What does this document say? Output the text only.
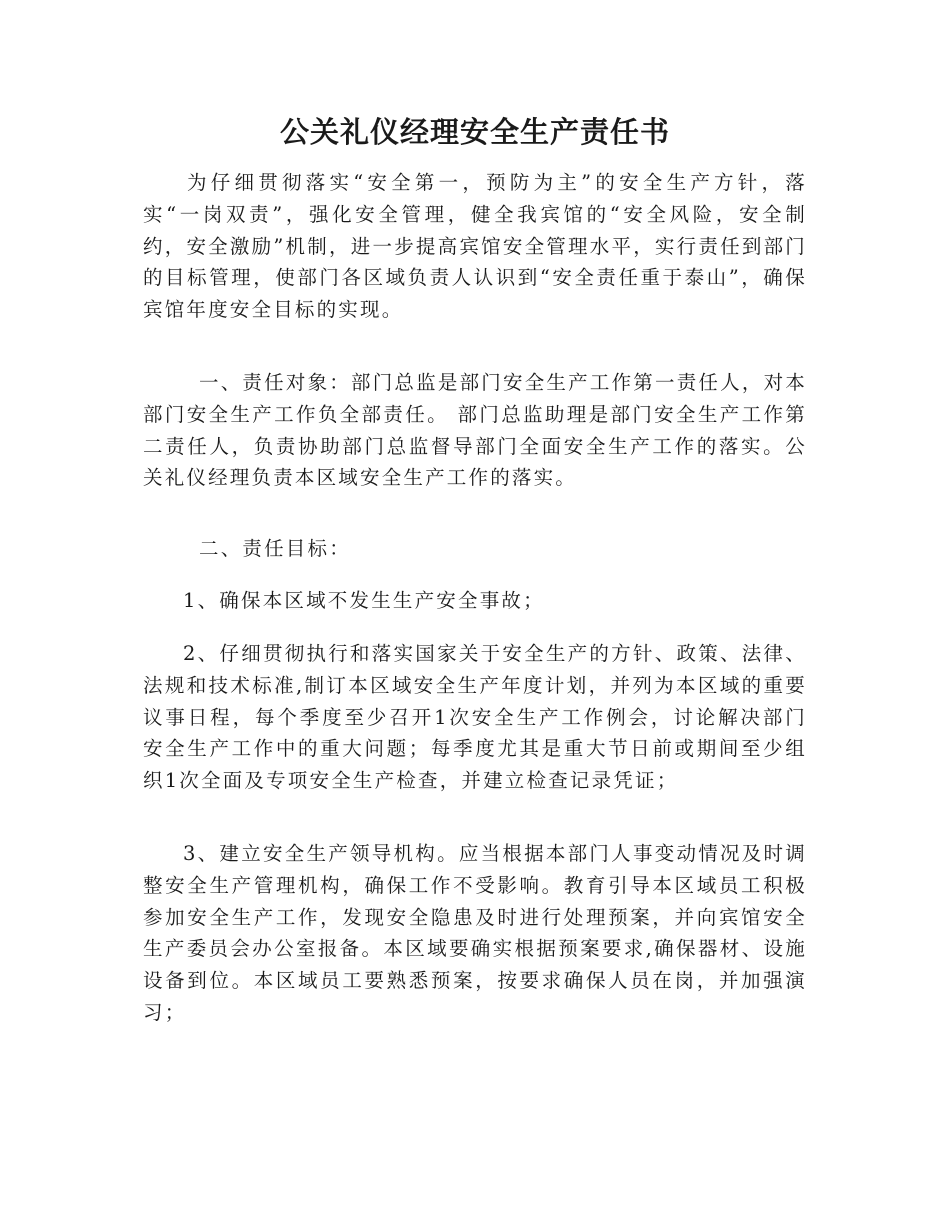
公关礼仪经理安全生产责任书

为仔细贯彻落实“安全第一，预防为主”的安全生产方针，落实“一岗双责”，强化安全管理，健全我宾馆的“安全风险，安全制约，安全激励”机制，进一步提高宾馆安全管理水平，实行责任到部门的目标管理，使部门各区域负责人认识到“安全责任重于泰山”，确保宾馆年度安全目标的实现。

一、责任对象：部门总监是部门安全生产工作第一责任人，对本部门安全生产工作负全部责任。 部门总监助理是部门安全生产工作第二责任人，负责协助部门总监督导部门全面安全生产工作的落实。公关礼仪经理负责本区域安全生产工作的落实。

二、责任目标：

1、确保本区域不发生生产安全事故；

2、仔细贯彻执行和落实国家关于安全生产的方针、政策、法律、法规和技术标准,制订本区域安全生产年度计划，并列为本区域的重要议事日程，每个季度至少召开1次安全生产工作例会，讨论解决部门安全生产工作中的重大问题；每季度尤其是重大节日前或期间至少组织1次全面及专项安全生产检查，并建立检查记录凭证；

3、建立安全生产领导机构。应当根据本部门人事变动情况及时调整安全生产管理机构，确保工作不受影响。教育引导本区域员工积极参加安全生产工作，发现安全隐患及时进行处理预案，并向宾馆安全生产委员会办公室报备。本区域要确实根据预案要求,确保器材、设施设备到位。本区域员工要熟悉预案，按要求确保人员在岗，并加强演习；
